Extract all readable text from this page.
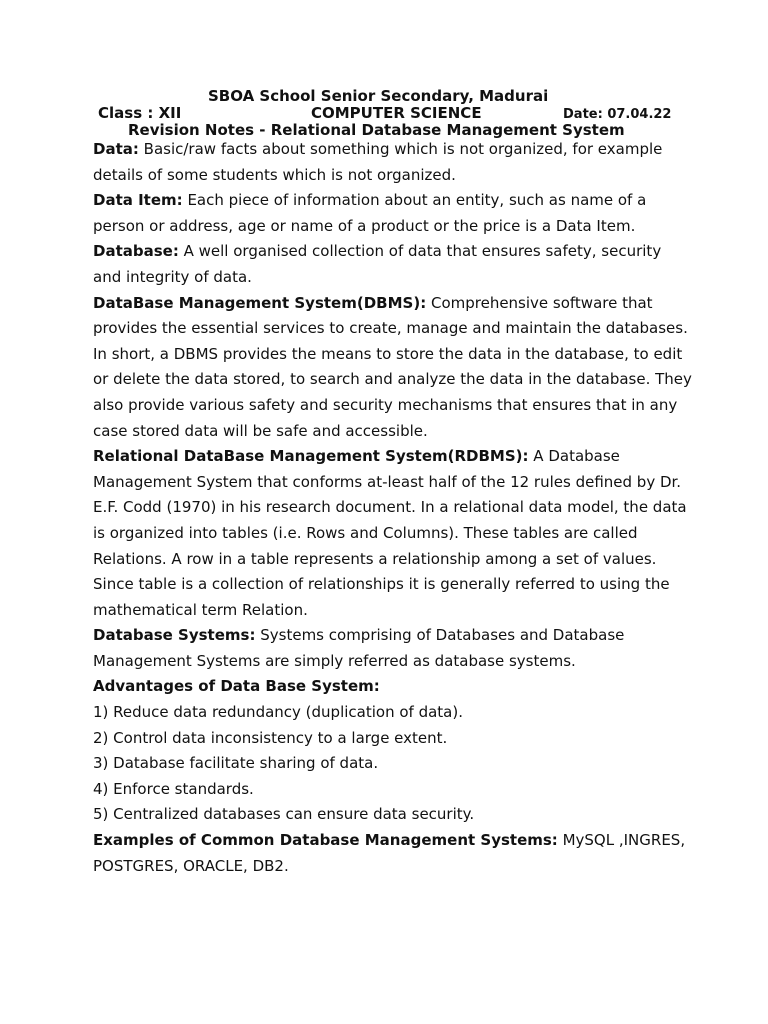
SBOA School Senior Secondary, Madurai
Class : XII	COMPUTER SCIENCE	Date: 07.04.22
Revision Notes - Relational Database Management System

Data: Basic/raw facts about something which is not organized, for example details of some students which is not organized.

Data Item: Each piece of information about an entity, such as name of a person or address, age or name of a product or the price is a Data Item.

Database: A well organised collection of data that ensures safety, security and integrity of data.

DataBase Management System(DBMS): Comprehensive software that provides the essential services to create, manage and maintain the databases. In short, a DBMS provides the means to store the data in the database, to edit or delete the data stored, to search and analyze the data in the database. They also provide various safety and security mechanisms that ensures that in any case stored data will be safe and accessible.

Relational DataBase Management System(RDBMS): A Database Management System that conforms at-least half of the 12 rules defined by Dr. E.F. Codd (1970) in his research document. In a relational data model, the data is organized into tables (i.e. Rows and Columns). These tables are called Relations. A row in a table represents a relationship among a set of values. Since table is a collection of relationships it is generally referred to using the mathematical term Relation.

Database Systems: Systems comprising of Databases and Database Management Systems are simply referred as database systems.

Advantages of Data Base System:

1) Reduce data redundancy (duplication of data).

2) Control data inconsistency to a large extent.

3) Database facilitate sharing of data.

4) Enforce standards.

5) Centralized databases can ensure data security.

Examples of Common Database Management Systems: MySQL ,INGRES, POSTGRES, ORACLE, DB2.
